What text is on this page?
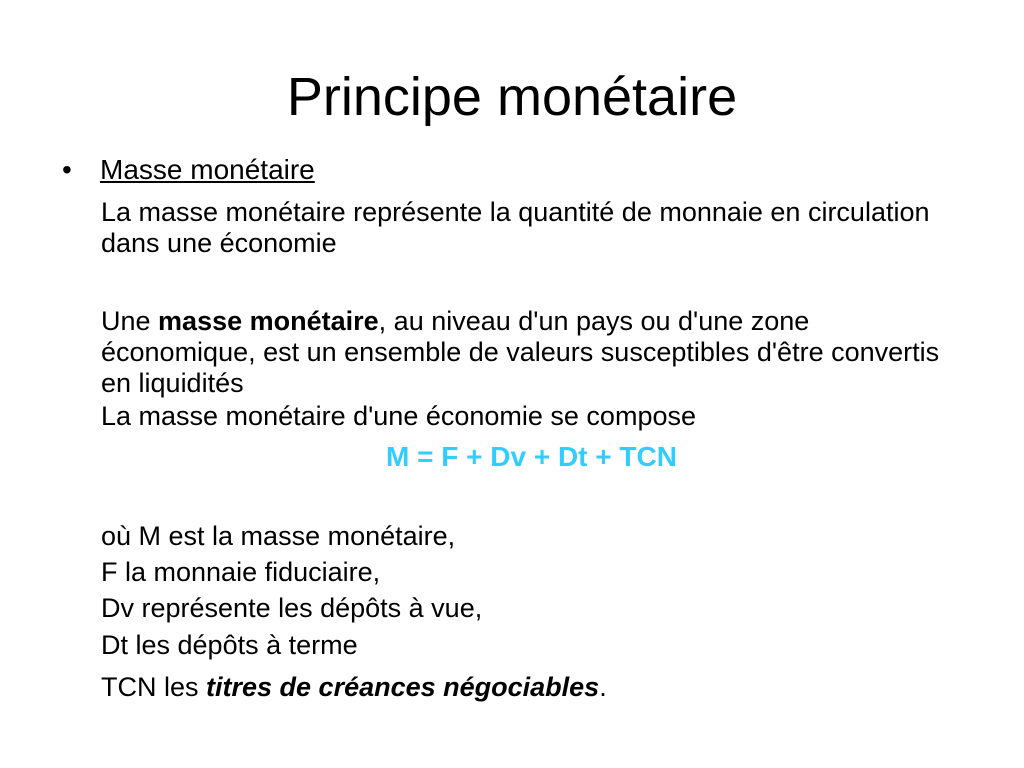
Principe monétaire
•	Masse monétaire

La masse monétaire représente la quantité de monnaie en circulation dans une économie

Une masse monétaire, au niveau d'un pays ou d'une zone économique, est un ensemble de valeurs susceptibles d'être convertis en liquidités

La masse monétaire d'une économie se compose

M = F + Dv + Dt + TCN

où M est la masse monétaire,

F la monnaie fiduciaire,

Dv représente les dépôts à vue,

Dt les dépôts à terme

TCN les titres de créances négociables.
